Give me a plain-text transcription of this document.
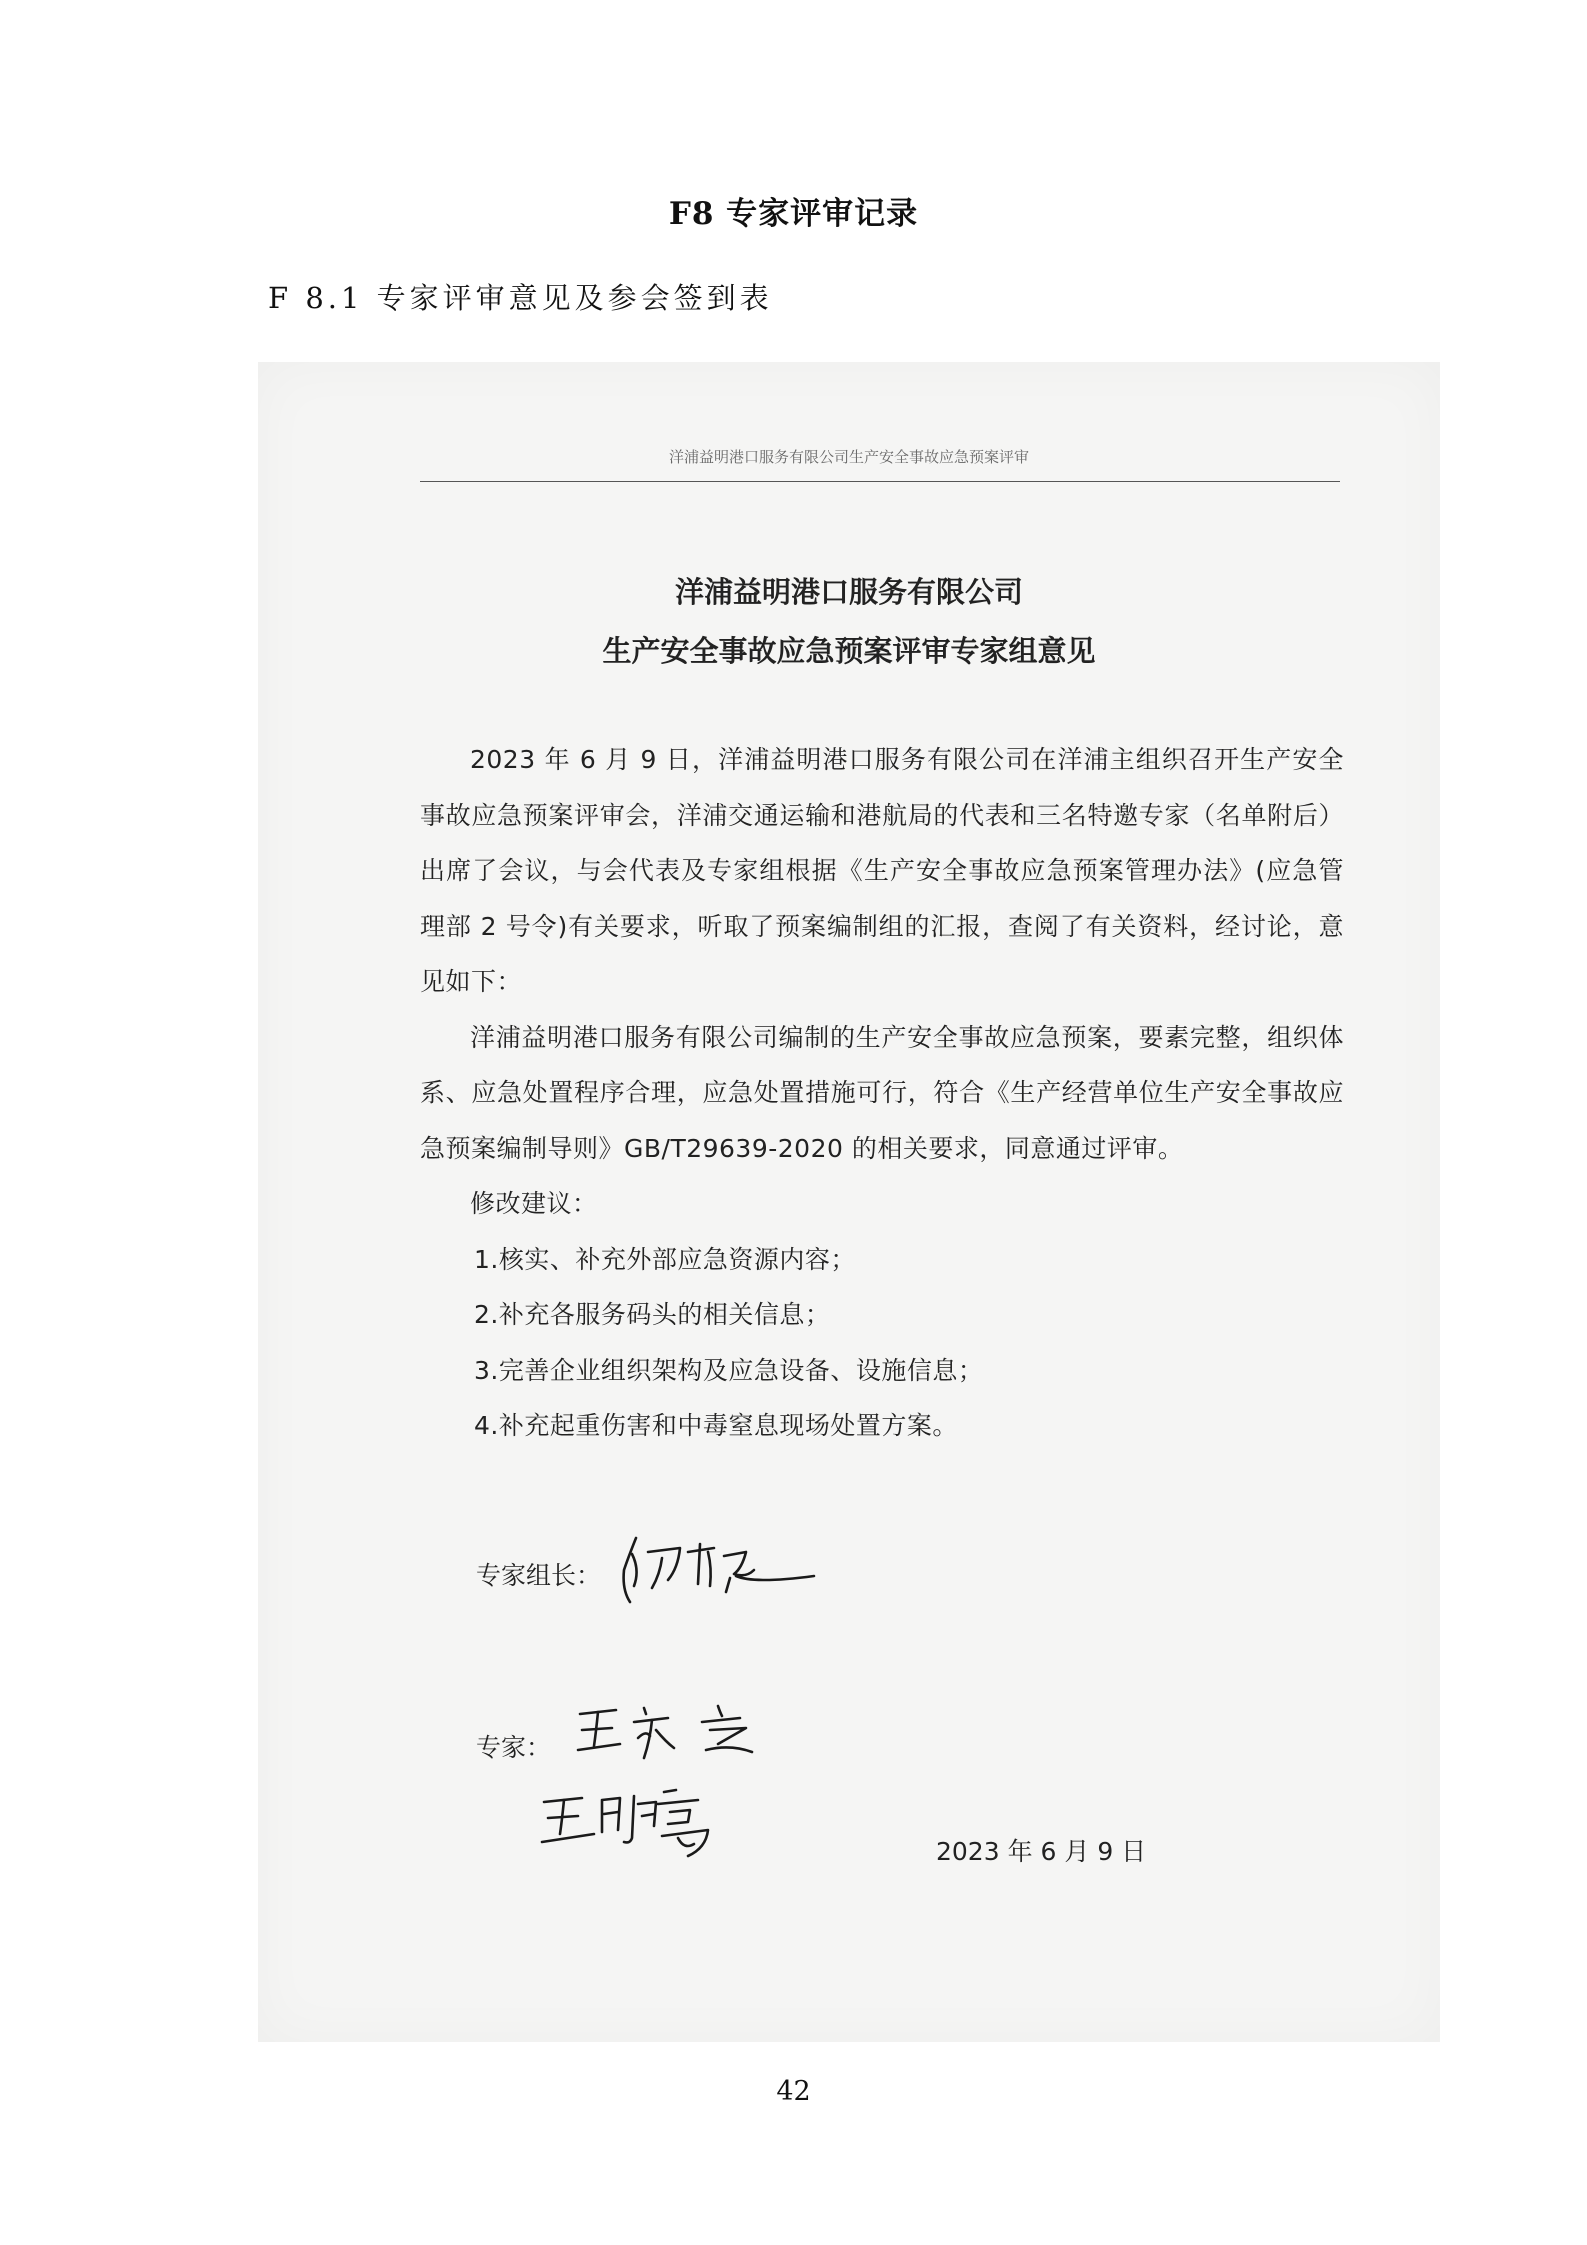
F8 专家评审记录
F 8.1 专家评审意见及参会签到表
洋浦益明港口服务有限公司生产安全事故应急预案评审
洋浦益明港口服务有限公司
生产安全事故应急预案评审专家组意见

2023 年 6 月 9 日，洋浦益明港口服务有限公司在洋浦主组织召开生产安全事故应急预案评审会，洋浦交通运输和港航局的代表和三名特邀专家（名单附后）出席了会议，与会代表及专家组根据《生产安全事故应急预案管理办法》(应急管理部 2 号令)有关要求，听取了预案编制组的汇报，查阅了有关资料，经讨论，意见如下：

洋浦益明港口服务有限公司编制的生产安全事故应急预案，要素完整，组织体系、应急处置程序合理，应急处置措施可行，符合《生产经营单位生产安全事故应急预案编制导则》GB/T29639-2020 的相关要求，同意通过评审。

修改建议：

1.核实、补充外部应急资源内容；

2.补充各服务码头的相关信息；

3.完善企业组织架构及应急设备、设施信息；

4.补充起重伤害和中毒窒息现场处置方案。

专家组长：
专家：
2023 年 6 月 9 日
42
